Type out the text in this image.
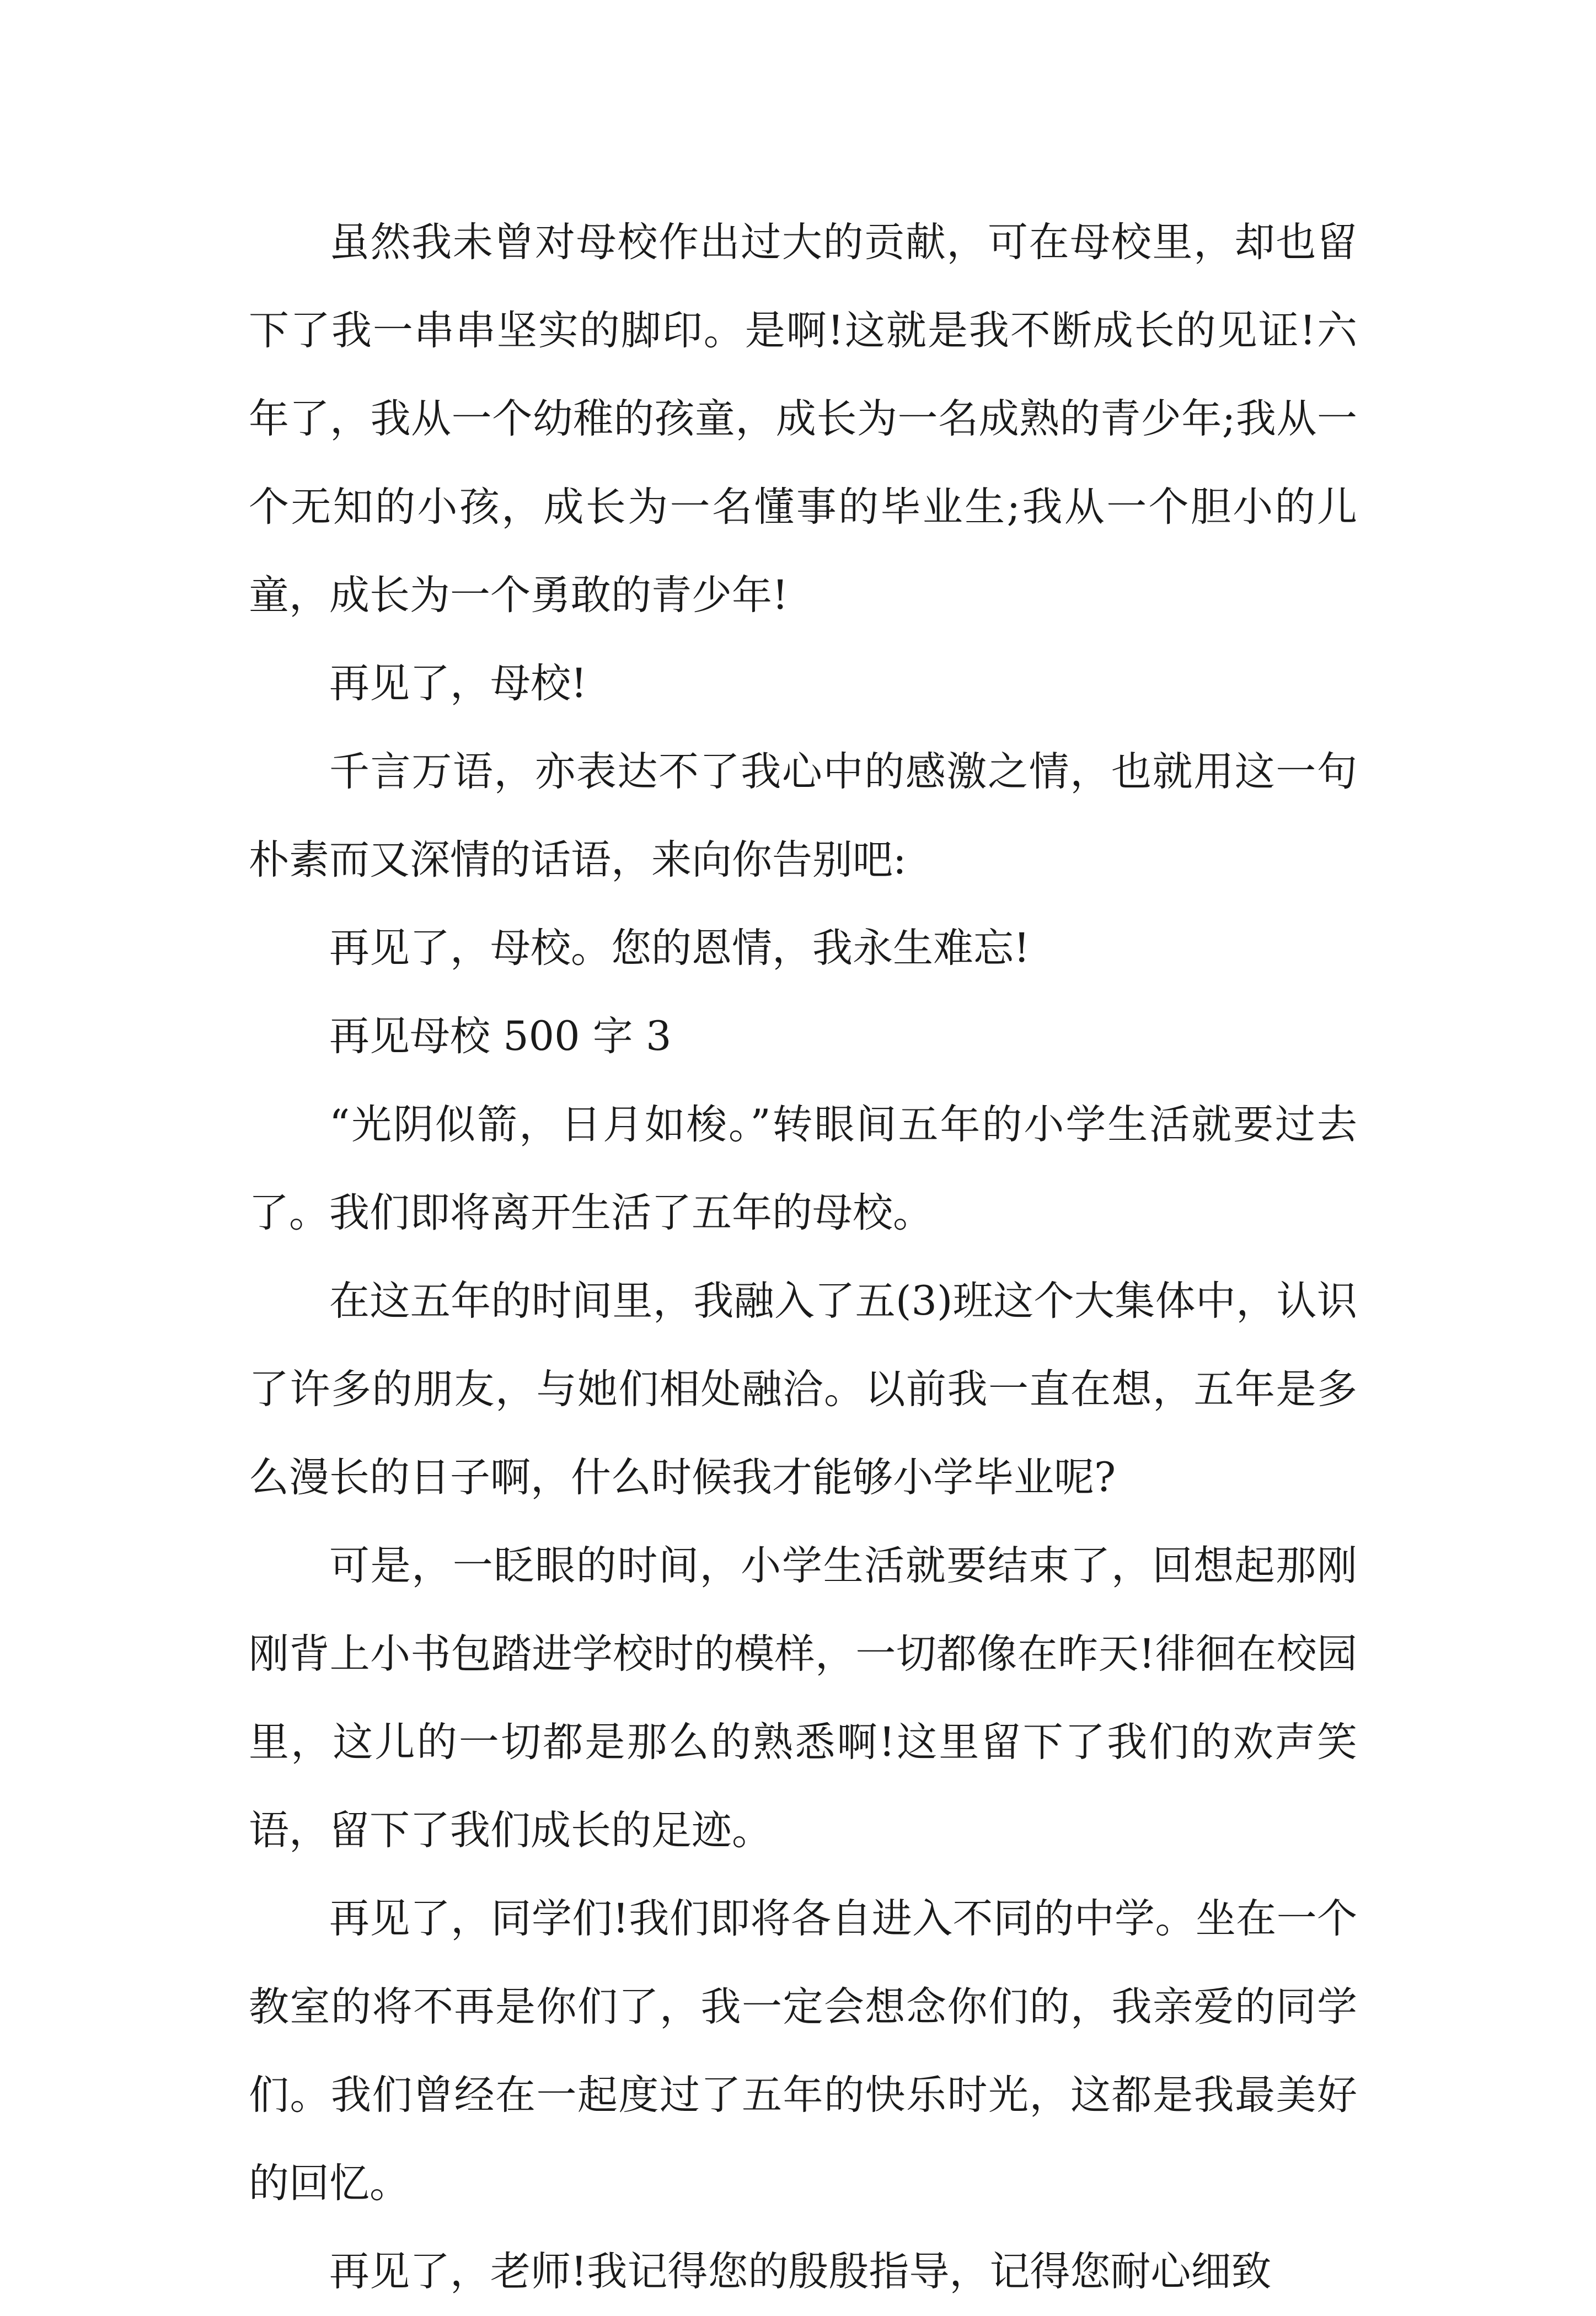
虽然我未曾对母校作出过大的贡献，可在母校里，却也留下了我一串串坚实的脚印。是啊!这就是我不断成长的见证!六年了，我从一个幼稚的孩童，成长为一名成熟的青少年;我从一个无知的小孩，成长为一名懂事的毕业生;我从一个胆小的儿童，成长为一个勇敢的青少年!

再见了，母校!

千言万语，亦表达不了我心中的感激之情，也就用这一句朴素而又深情的话语，来向你告别吧:

再见了，母校。您的恩情，我永生难忘!

再见母校 500 字 3

“光阴似箭，日月如梭。”转眼间五年的小学生活就要过去了。我们即将离开生活了五年的母校。

在这五年的时间里，我融入了五(3)班这个大集体中，认识了许多的朋友，与她们相处融洽。以前我一直在想，五年是多么漫长的日子啊，什么时候我才能够小学毕业呢?

可是，一眨眼的时间，小学生活就要结束了，回想起那刚刚背上小书包踏进学校时的模样，一切都像在昨天!徘徊在校园里，这儿的一切都是那么的熟悉啊!这里留下了我们的欢声笑语，留下了我们成长的足迹。

再见了，同学们!我们即将各自进入不同的中学。坐在一个教室的将不再是你们了，我一定会想念你们的，我亲爱的同学们。我们曾经在一起度过了五年的快乐时光，这都是我最美好的回忆。

再见了，老师!我记得您的殷殷指导，记得您耐心细致
